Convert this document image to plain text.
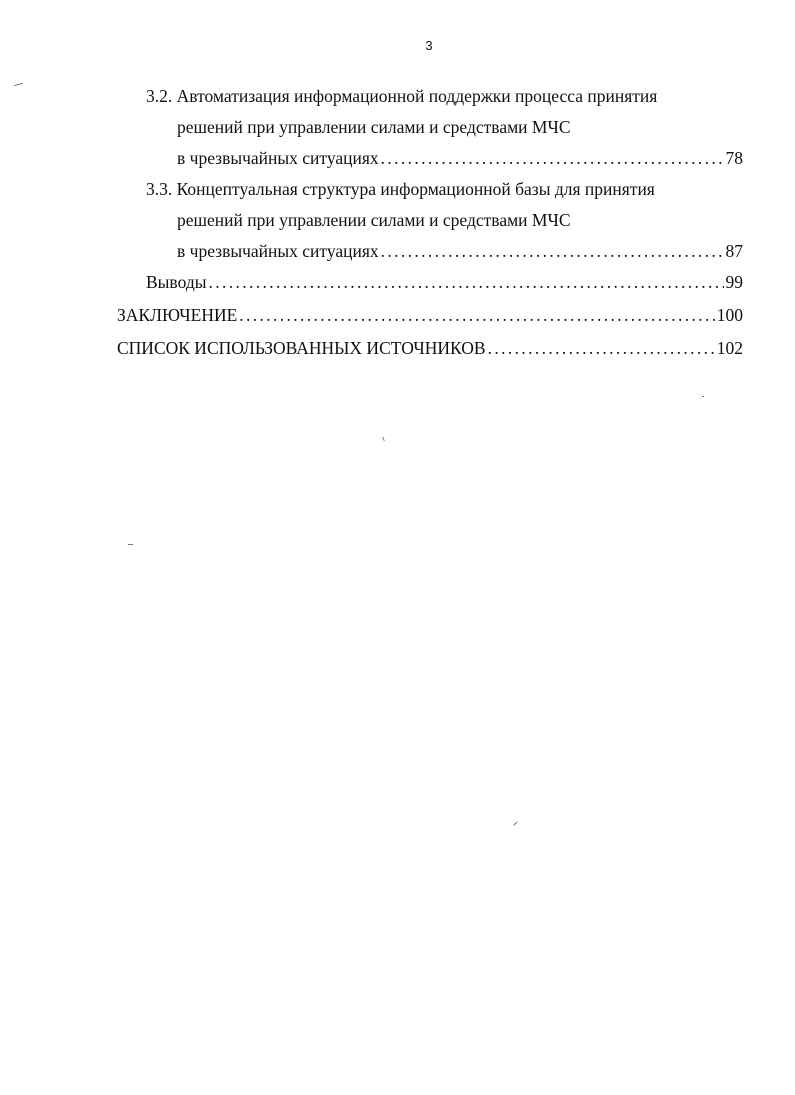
3
3.2. Автоматизация информационной поддержки процесса принятия
решений при управлении силами и средствами МЧС
в чрезвычайных ситуациях . . .	78
3.3. Концептуальная структура информационной базы для принятия
решений при управлении силами и средствами МЧС
в чрезвычайных ситуациях . . .	87
Выводы . . .	99
ЗАКЛЮЧЕНИЕ . . .	100
СПИСОК ИСПОЛЬЗОВАННЫХ ИСТОЧНИКОВ . . .	102
